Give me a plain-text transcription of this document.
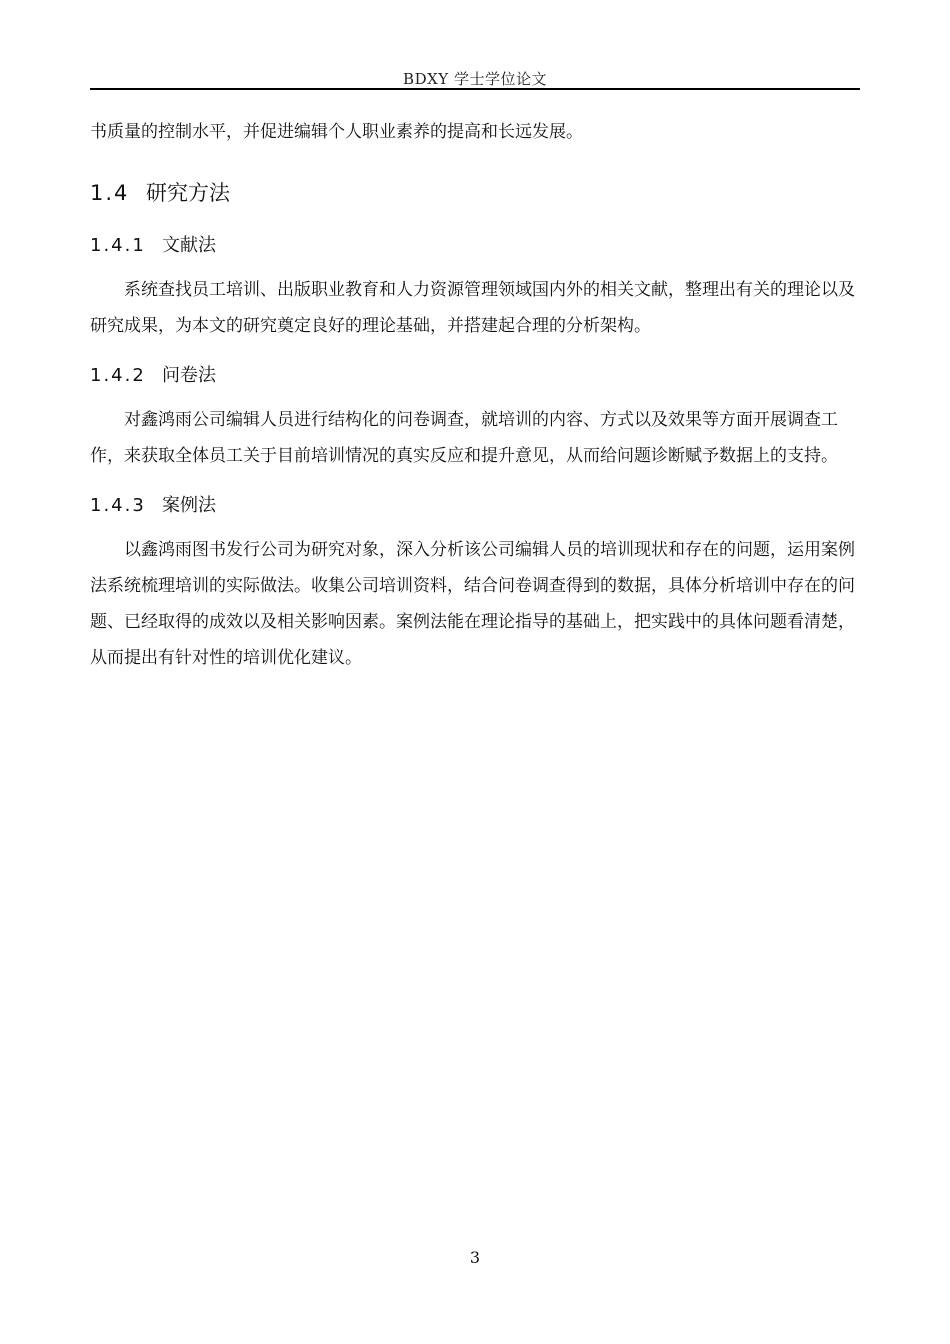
BDXY 学士学位论文

书质量的控制水平，并促进编辑个人职业素养的提高和长远发展。

1.4 研究方法
1.4.1 文献法

系统查找员工培训、出版职业教育和人力资源管理领域国内外的相关文献，整理出有关的理论以及研究成果，为本文的研究奠定良好的理论基础，并搭建起合理的分析架构。

1.4.2 问卷法

对鑫鸿雨公司编辑人员进行结构化的问卷调查，就培训的内容、方式以及效果等方面开展调查工作，来获取全体员工关于目前培训情况的真实反应和提升意见，从而给问题诊断赋予数据上的支持。

1.4.3 案例法

以鑫鸿雨图书发行公司为研究对象，深入分析该公司编辑人员的培训现状和存在的问题，运用案例法系统梳理培训的实际做法。收集公司培训资料，结合问卷调查得到的数据，具体分析培训中存在的问题、已经取得的成效以及相关影响因素。案例法能在理论指导的基础上，把实践中的具体问题看清楚，从而提出有针对性的培训优化建议。

3
